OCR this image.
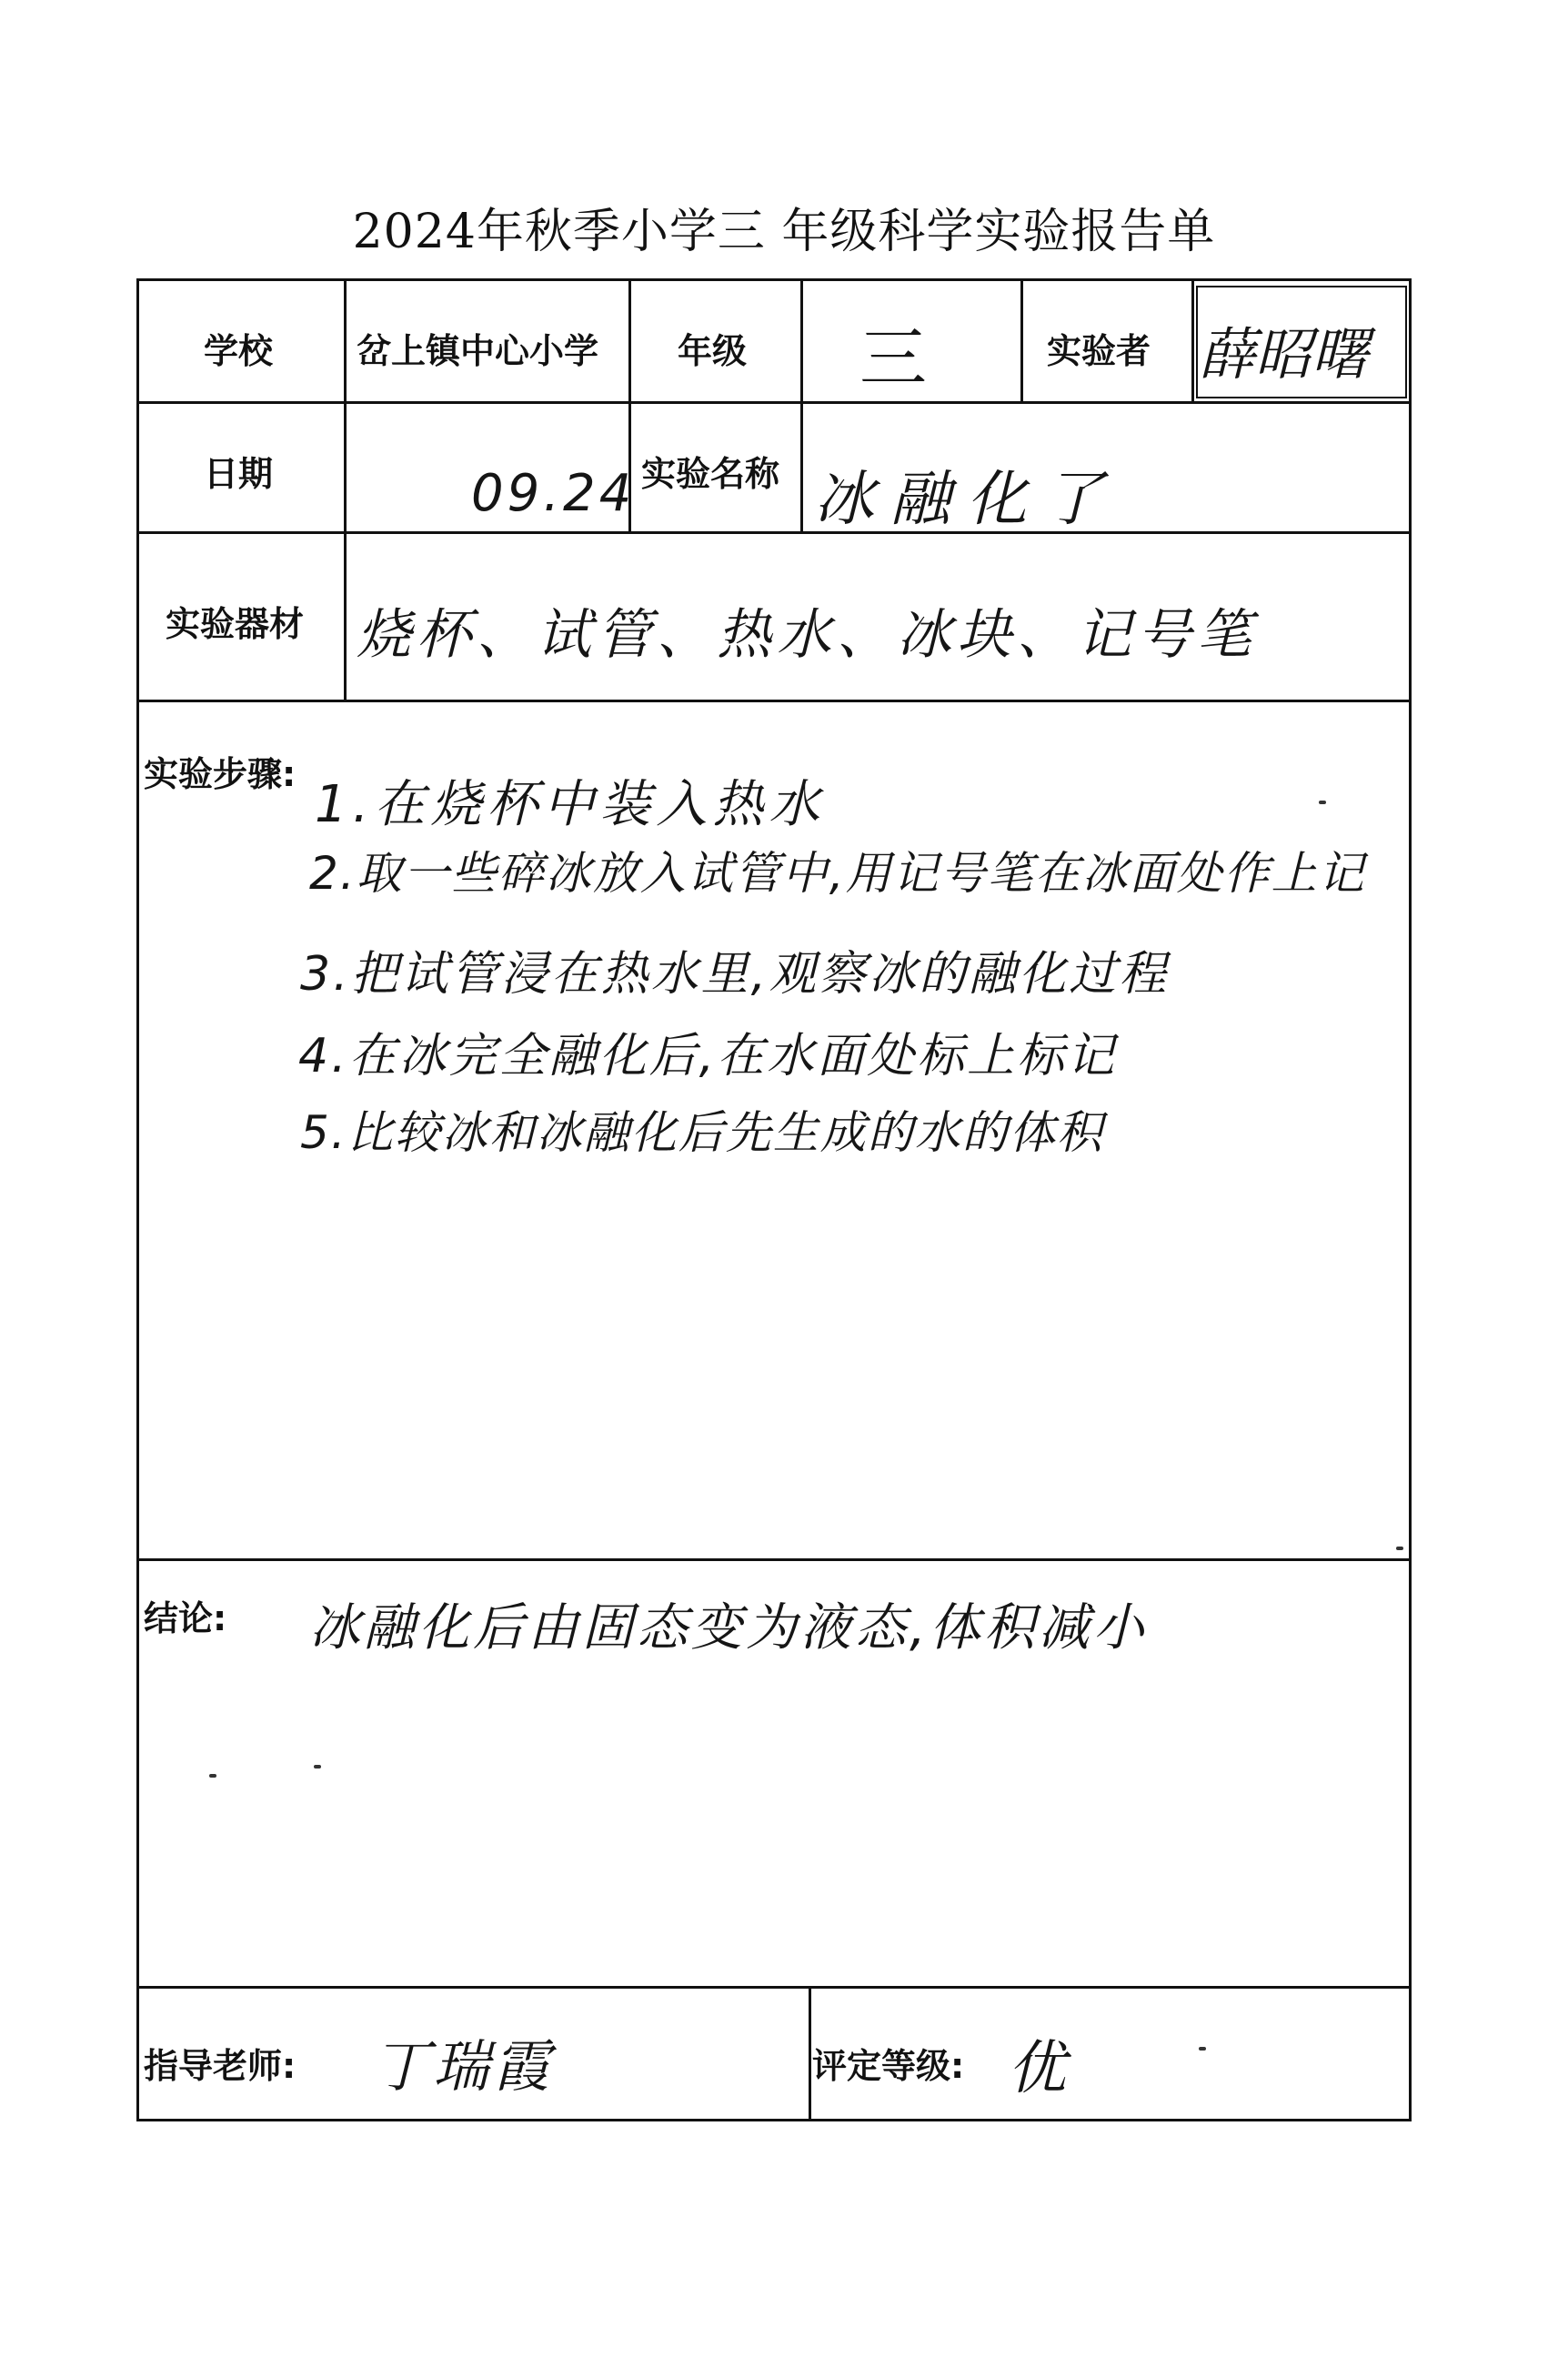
2024年秋季小学三 年级科学实验报告单
学校 岔上镇中心小学 年级 三	实验者 薛昭曙
日期	09.24 实验名称 冰融化了
实验器材 烧杯、试管、热水、冰块、记号笔
实验步骤:
1.在烧杯中装入热水
2.取一些碎冰放入试管中,用记号笔在冰面处作上记
3.把试管浸在热水里,观察冰的融化过程
4.在冰完全融化后,在水面处标上标记
5.比较冰和冰融化后先生成的水的体积
结论: 冰融化后由固态变为液态,体积减小
指导老师: 丁瑞霞	评定等级: 优
